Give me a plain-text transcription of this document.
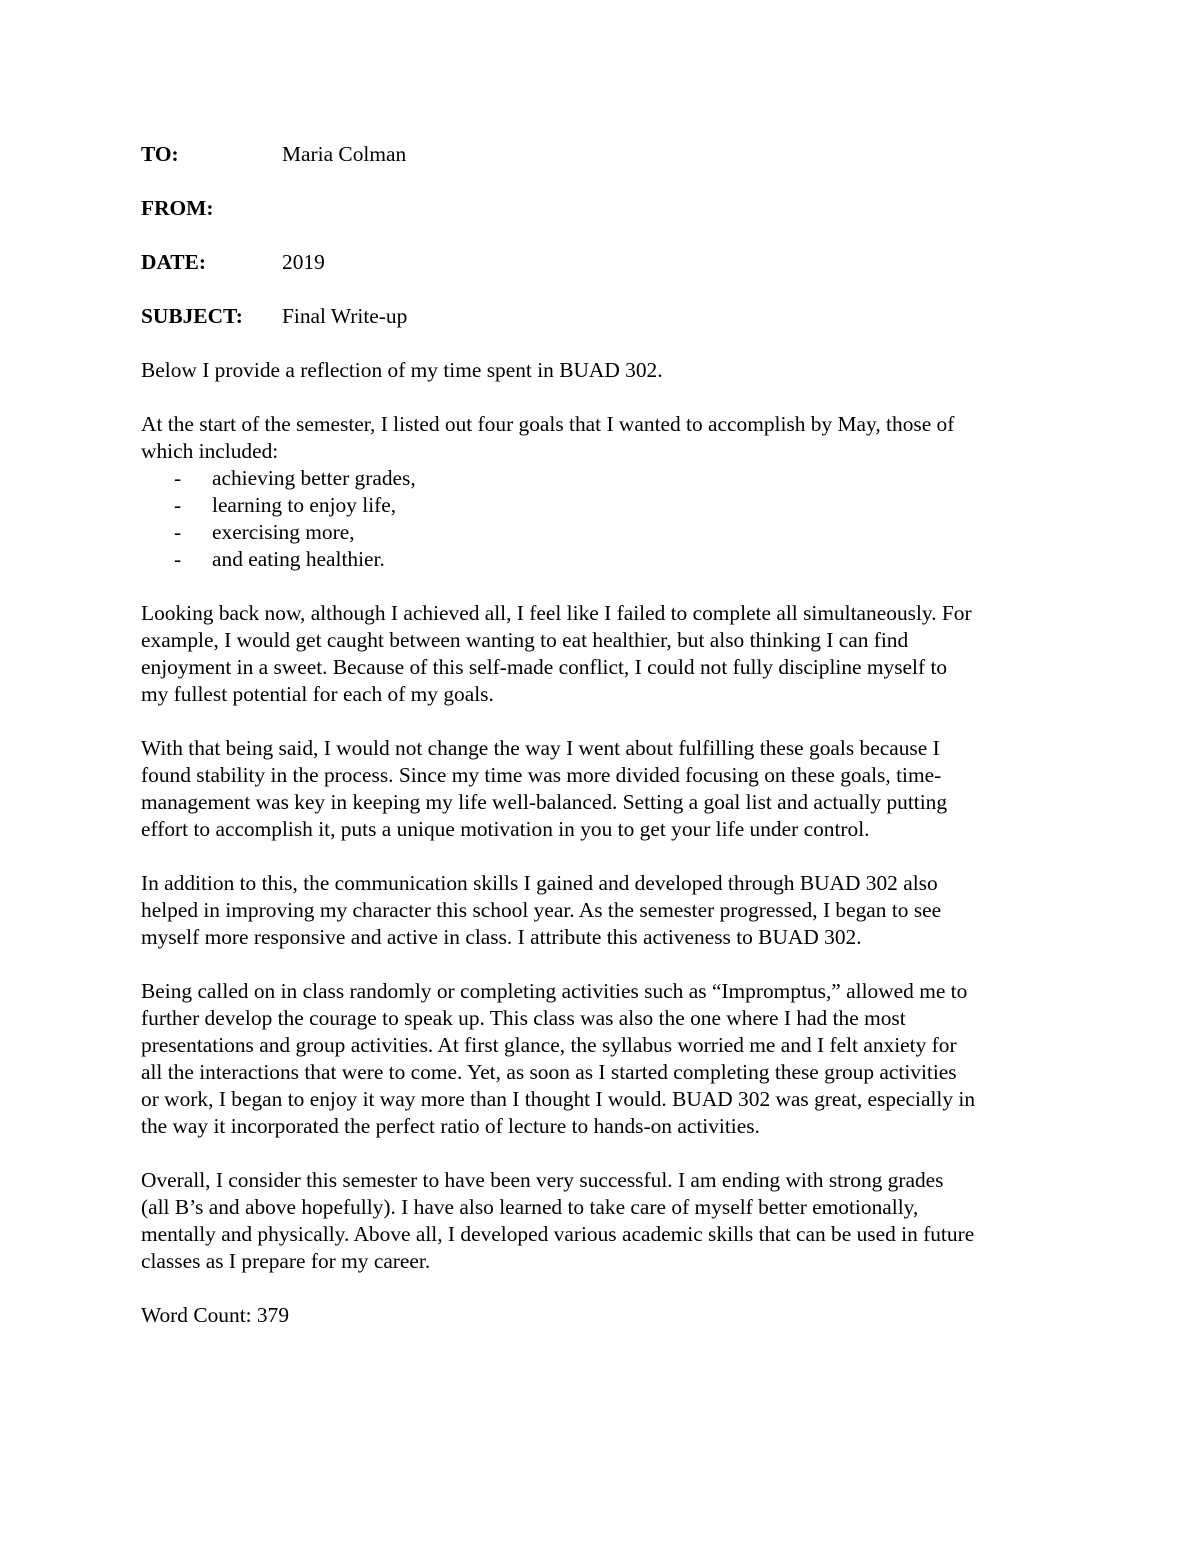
TO:	Maria Colman
FROM:
DATE:	2019
SUBJECT:	Final Write-up
Below I provide a reflection of my time spent in BUAD 302.
At the start of the semester, I listed out four goals that I wanted to accomplish by May, those of
which included:
-	achieving better grades,
-	learning to enjoy life,
-	exercising more,
-	and eating healthier.
Looking back now, although I achieved all, I feel like I failed to complete all simultaneously. For
example, I would get caught between wanting to eat healthier, but also thinking I can find
enjoyment in a sweet. Because of this self-made conflict, I could not fully discipline myself to
my fullest potential for each of my goals.
With that being said, I would not change the way I went about fulfilling these goals because I
found stability in the process. Since my time was more divided focusing on these goals, time-
management was key in keeping my life well-balanced. Setting a goal list and actually putting
effort to accomplish it, puts a unique motivation in you to get your life under control.
In addition to this, the communication skills I gained and developed through BUAD 302 also
helped in improving my character this school year. As the semester progressed, I began to see
myself more responsive and active in class. I attribute this activeness to BUAD 302.
Being called on in class randomly or completing activities such as “Impromptus,” allowed me to
further develop the courage to speak up. This class was also the one where I had the most
presentations and group activities. At first glance, the syllabus worried me and I felt anxiety for
all the interactions that were to come. Yet, as soon as I started completing these group activities
or work, I began to enjoy it way more than I thought I would. BUAD 302 was great, especially in
the way it incorporated the perfect ratio of lecture to hands-on activities.
Overall, I consider this semester to have been very successful. I am ending with strong grades
(all B’s and above hopefully). I have also learned to take care of myself better emotionally,
mentally and physically. Above all, I developed various academic skills that can be used in future
classes as I prepare for my career.
Word Count: 379
